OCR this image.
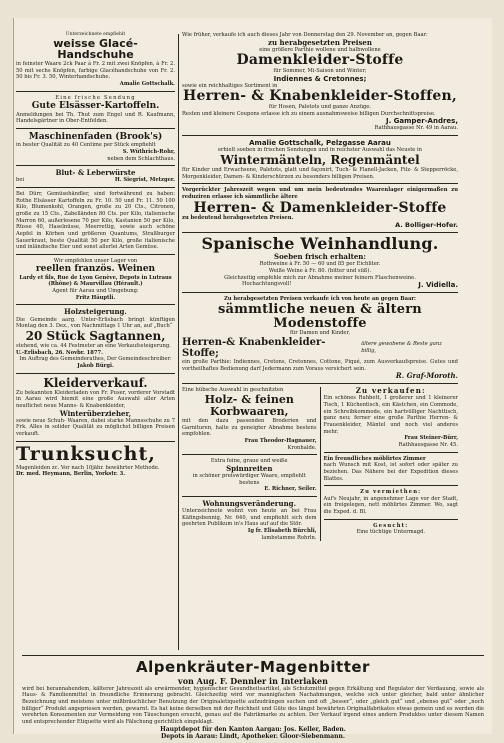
Unterzeichnete empfiehlt

weisse Glacé-Handschuhe

in feinster Waare 2ck Paar à Fr. 2 mit zwei Knöpfen, à Fr. 2. 50 mit sechs Knöpfen, farbige Glacéhandschuhe von Fr. 2. 50 bis Fr. 3. 50, Winterhandschuhe.

Amalie Gottschalk.

Eine frische Sendung

Gute Elsässer-Kartoffeln.

Anmeldungen bei Th. Thut zum Engel und R. Kaufmann, Handelsgärtner in Ober-Entfelden.

Maschinenfaden (Brook's)

in bester Qualität zu 40 Centime per Stück empfiehlt

S. Wüthrich-Rohr,

neben dem Schlachthaus.

Blut- & Leberwürste

bei	H. Siegrist, Metzger.

Bei Dürr, Gemüsehändler, sind fortwährend zu haben: Rothe Elsässer Kartoffeln zu Fr. 10. 50 und Fr. 11. 50 100 Kilo, Blumenkohl, Orangen, große zu 20 Cts., Citronen, große zu 15 Cts., Zabelländen 80 Cts. per Kilo, italienische Marron 60, außerlesene 70 per Kilo, Kastanien 50 per Kilo, Rüsse 40, Haselnüsse, Meerrettig, sowie auch schöne Aepfel in Körben und größeren Quantums, Straßburger Sauerkraut, beste Qualität 50 per Kilo, große italienische und inländische Eier und sonst allerlei Arten Gemüse.

Wir empfehlen unser Lager von

reellen französ. Weinen

Lardy et fils, Rue de Lyon Genève, Depots in Lutraus (Rhône) & Maurvillau (Hérault.)

Agent für Aarau und Umgebung:

Fritz Häuptli.

Holzsteigerung.

Die Gemeinde aarg. Unter-Erlisbach bringt künftigen Montag den 3. Dez., von Nachmittags 1 Uhr an, auf „Buch“

20 Stück Sagtannen,

stehend, wie ca. 44 Festmeter an eine Verkaufssteigerung.

U.-Erlisbach, 26. Novbr. 1877.

Im Auftrag des Gemeinderathes, Der Gemeindeschreiber:

Jakob Bürgi.

Kleiderverkauf.

Zu bekannten Kleiderladen von Fr. Puser, vorderer Vorstadt in Aarau wird hiemit eine große Auswahl aller Arten neuflichet neue Manns- & Knabenkleider,

Winterüberzieher,

sowie neue Schuh- Waaren, dabei starke Mannsschuhe zu 7 Frk. Alles in solider Qualität zu möglichst billigen Preisen verkauft.

Trunksucht,

Magenleiden zc. Vor nach 10jähr. bewährter Methode.

Dr. med. Heymann, Berlin, Yorkstr. 3.

Wie früher, verkaufe ich auch dieses Jahr von Donnerstag den 29. November an, gegen Baar:

zu herabgesetzten Preisen

eine größere Parthie wollene und halbwollene

Damenkleider-Stoffe

für Sommer, Mi-Saison und Winter;

Indiennes & Cretonnes;

sowie ein reichhaltiges Sortiment in

Herren- & Knabenkleider-Stoffen,

für Hosen, Paletots und ganze Anzüge.

Resten und kleinere Coupons erlasse ich zu einem ausnahmsweise billigen Durchschnittspreise.

J. Gamper-Andres,

Rathhausgasse Nr. 49 in Aarau.

Amalie Gottschalk, Pelzgasse Aarau

erhielt soeben in frischen Sendungen und in reichster Auswahl das Neuste in

Wintermänteln, Regenmäntel

für Kinder und Erwachsene, Paletots, glatt und façonirt, Tuch- & Flanell-Jacken, Filz- & Stepperröcke, Morgenkleider, Damen- & Kinderschürzen zu besonders billigen Preisen.

Vorgerückter Jahreszeit wegen und um mein bedeutendes Waarenlager einigermaßen zu reduziren erlasse ich sämmtliche ältere

Herren- & Damenkleider-Stoffe

zu bedeutend herabgesetzten Preisen.

A. Bolliger-Hofer.

Spanische Weinhandlung.

Soeben frisch erhalten:

Rothweine à Fr. 50 — 60 und 85 per Eichliter.

Weiße Weine à Fr. 80. (bitter und süß).

Gleichzeitig empfehle mich zur Abnahme meiner feinern Flaschenweine.

Hochachtungsvoll!	J. Vidiella.

Zu herabgesetzten Preisen verkaufe ich von heute an gegen Baar:

sämmtliche neuen & ältern Modenstoffe

für Damen und Kinder,

Herren-& Knabenkleider-Stoffe;
ältere gewobene & Reste ganz billig,

ein große Parthie: Indiennes, Cretons, Cretonnes, Cottone, Piqué, zum Ausverkaufspreise. Gutes und vortheilhaftes Bedienung darf Jedermann zum Voraus versichert sein.

R. Graf-Moroth.

Eine hübsche Auswahl in geschnitzten

Holz- & feinen Korbwaaren,

mit den dazu passenden Broderien und Garnituren, halte zu geneigter Abnahme bestens empfohlen.

Frau Theodor-Hagnauer,

Kronhalde.

Extra feine, graue und weiße

Spinnreiten

in schöner preiswürdiger Waare, empfiehlt bestens

E. Richner, Seiler.

Wohnungsveränderung.

Unterzeichnete wohnt von heute an bei Frau Käfingsbennig, Nr. 640, und empfiehlt sich dem geehrten Publikum in's Haus auf auf die Stör.

Ig fr. Elisabeth Bürchli,

lambstamme Rohrln.

Zu verkaufen:

Ein schönes Ruhbett, 1 großerer und 1 kleinerer Tisch, 1 Küchentisch, ein Kästchen, ein Commode, ein Schreibkommode, ein hartvölliger Nachttisch, ganz neu; ferner eine große Parthie Herren- & Frauenkleider, Mäntel und noch viel anderes mehr.

Frau Steiner-Bürr,

Rathhausgasse Nr. 45.

Ein freundliches möblirtes Zimmer

nach Wunsch mit Kost, ist sofort oder später zu beziehen. Das Nähere bei der Expedition dieses Blattes.

Zu vermiethen:

Auf's Neujahr, in angenehmer Lage vor der Stadt, ein freigelegen, nett möblirtes Zimmer. Wo, sagt die Exped. d. Bl.

Gesucht:

Eine tüchtige Untermagd.

Alpenkräuter-Magenbitter

von Aug. F. Dennler in Interlaken

wird bei herannahendem, kälterer Jahreszeit als erwärmender, hygienischer Gesundheitsartikel, als Schutzmittel gegen Erkältung und Regulator der Verdauung, sowie als Haus- & Familienmittel in freundliche Erinnerung gebracht. Gleichzeitig wird vor mannigfachen Nachahmungen, welche sich unter gleicher, bald unter ähnlicher Bezeichnung und meistens unter mißbräuchlicher Benutzung der Originaletiquette aufzudrängen suchen und oft „besser“, oder „gleich gut“ und „ebenso gut“ oder „noch billiger“ Produkt angepriesen werden, gewarnt. Es hat keine derselben mit der Reichheit und Güte des längst bewährten Originalfabrikates etwas gemein und es werden die verehrten Konsumenten zur Vermeidung von Täuschungen ersucht, genau auf die Fabrikmarke zu achten. Der Verkauf irgend eines andern Produktes unter diesem Namen und entsprechender Etiquette wird als Fälschung gerichtlich eingeklagt.

Hauptdepot für den Kanton Aargau: Jos. Keller, Baden.

Depots in Aarau: Lindt, Apotheker. Gloor-Siebenmann.
